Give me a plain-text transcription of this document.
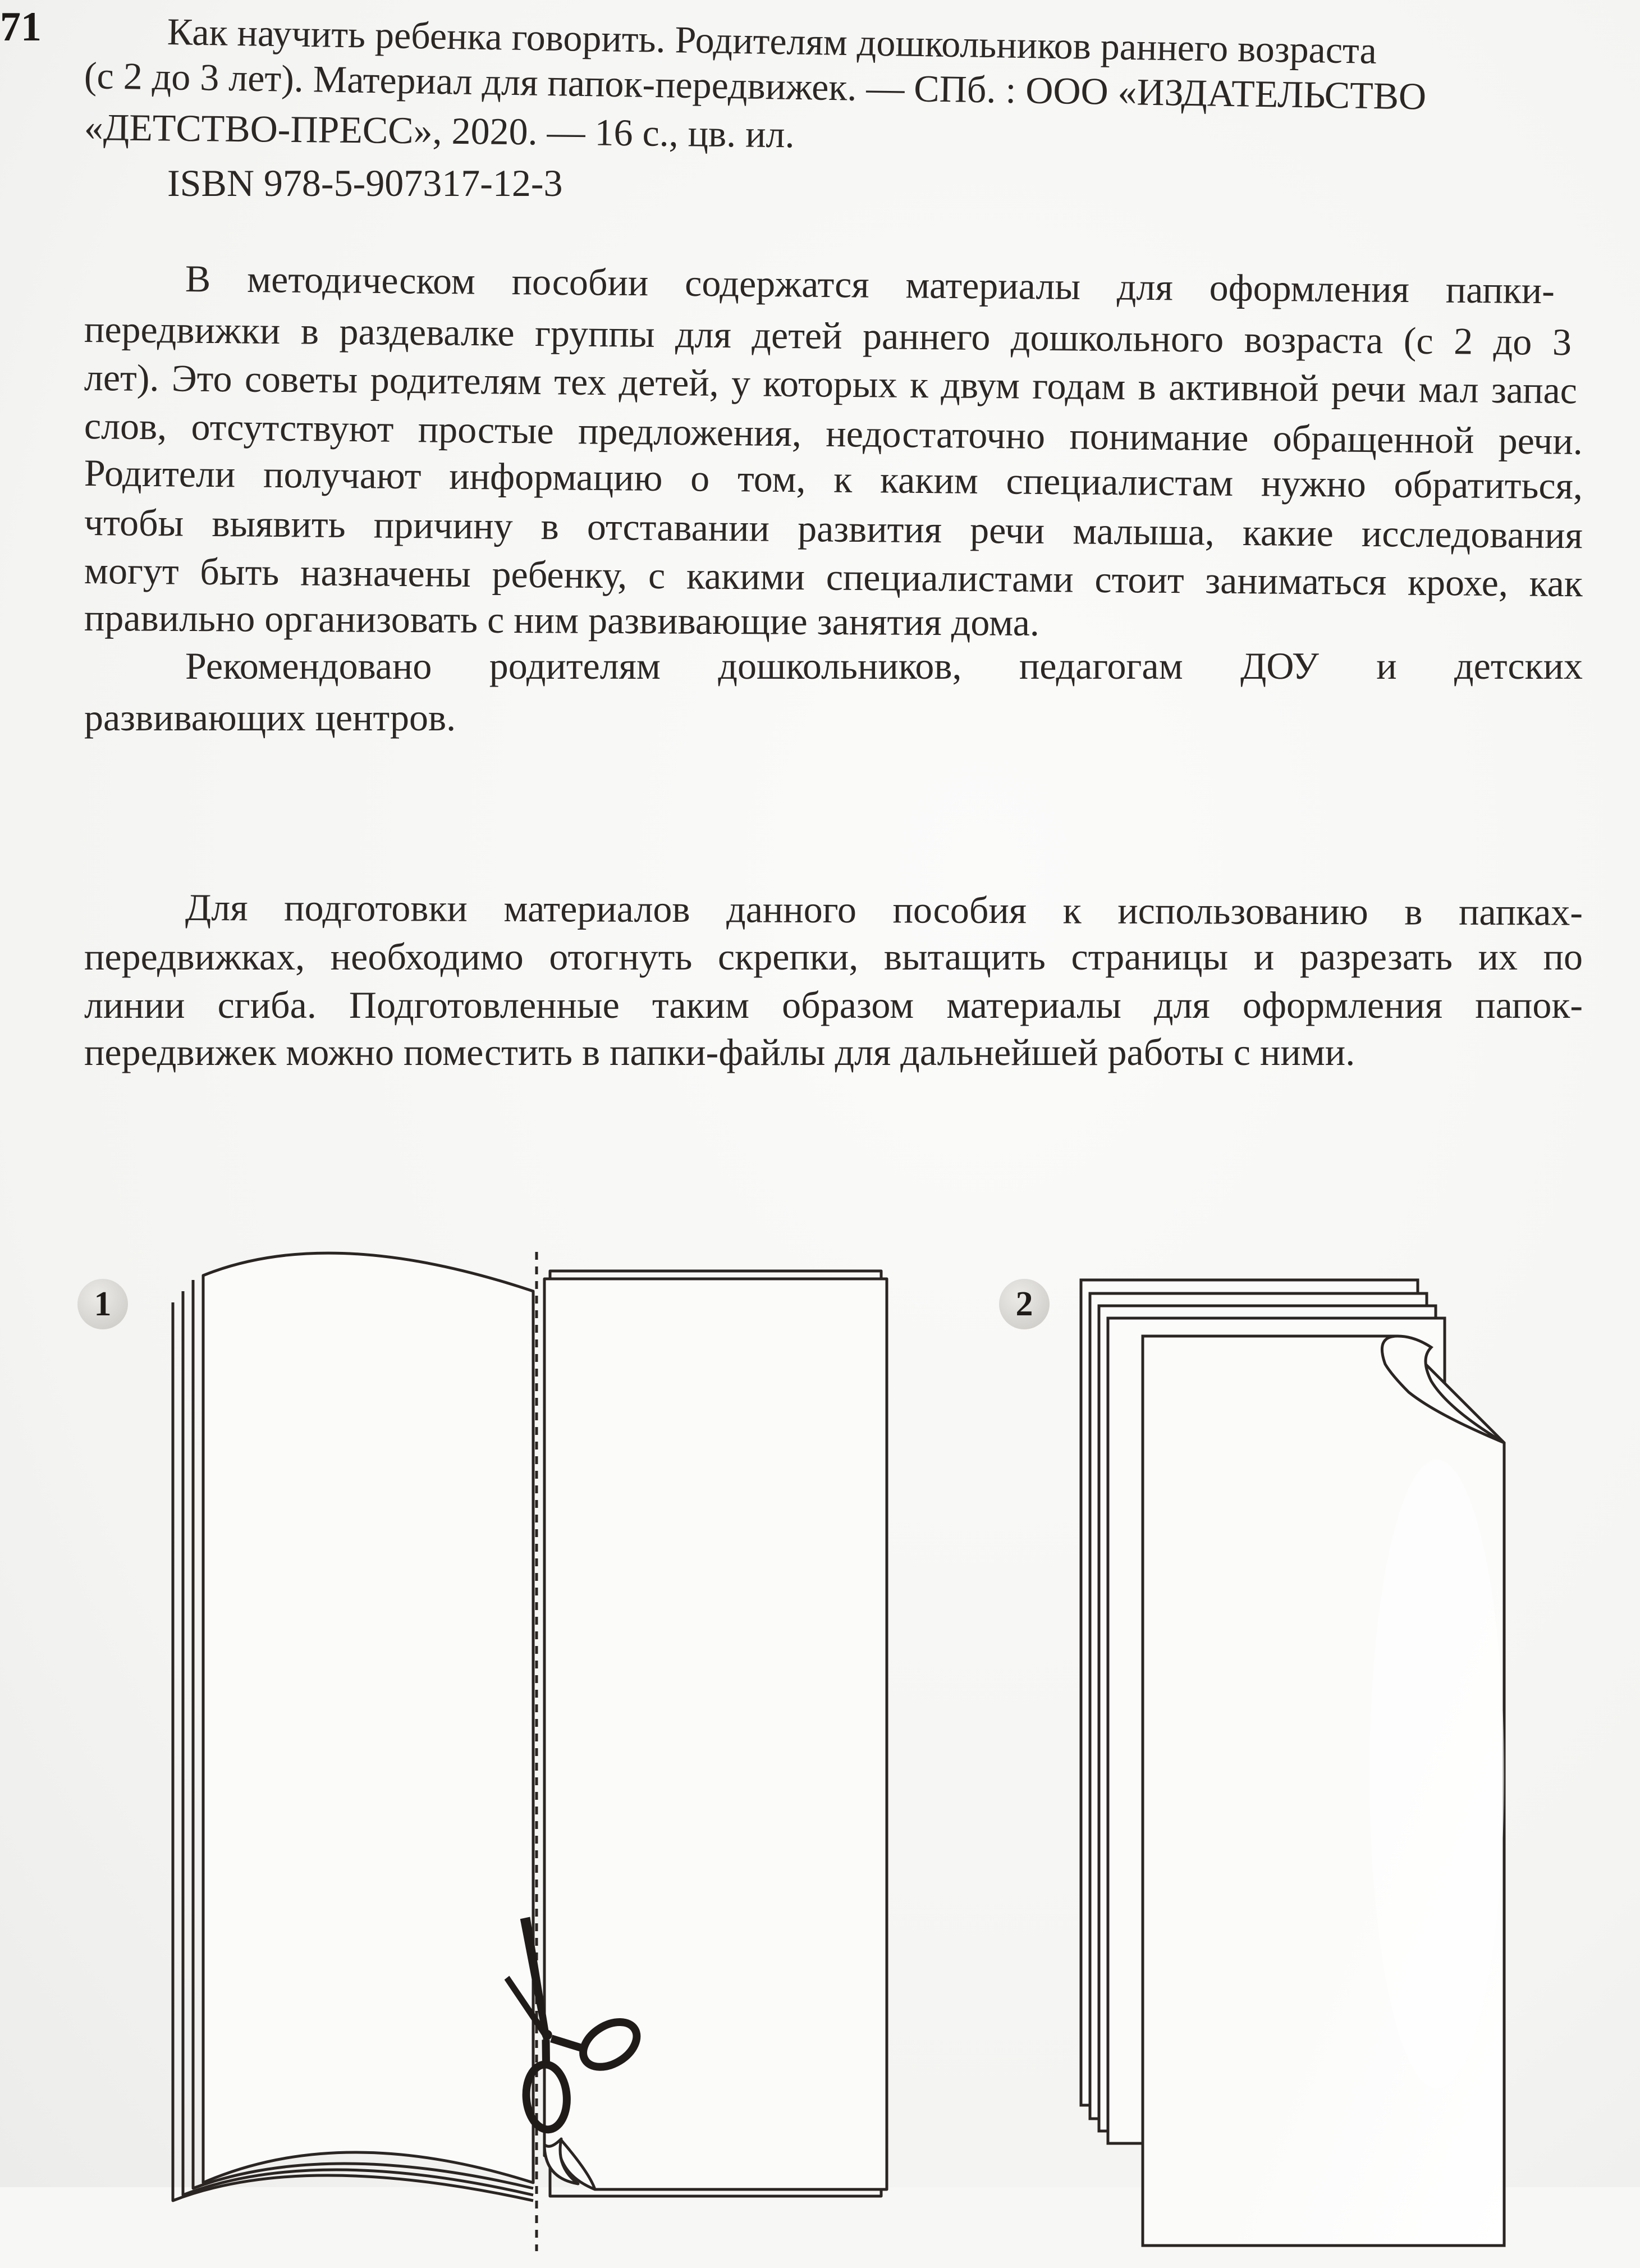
71	Как научить ребенка говорить. Родителям дошкольников раннего возраста
(с 2 до 3 лет). Материал для папок-передвижек. — СПб. : ООО «ИЗДАТЕЛЬСТВО
«ДЕТСТВО-ПРЕСС», 2020. — 16 с., цв. ил.
ISBN 978-5-907317-12-3
В методическом пособии содержатся материалы для оформления папки-
передвижки в раздевалке группы для детей раннего дошкольного возраста (с 2 до 3
лет). Это советы родителям тех детей, у которых к двум годам в активной речи мал запас
слов, отсутствуют простые предложения, недостаточно понимание обращенной речи.
Родители получают информацию о том, к каким специалистам нужно обратиться,
чтобы выявить причину в отставании развития речи малыша, какие исследования
могут быть назначены ребенку, с какими специалистами стоит заниматься крохе, как
правильно организовать с ним развивающие занятия дома.
Рекомендовано родителям дошкольников, педагогам ДОУ и детских
развивающих центров.
Для подготовки материалов данного пособия к использованию в папках-
передвижках, необходимо отогнуть скрепки, вытащить страницы и разрезать их по
линии сгиба. Подготовленные таким образом материалы для оформления папок-
передвижек можно поместить в папки-файлы для дальнейшей работы с ними.
1	2
